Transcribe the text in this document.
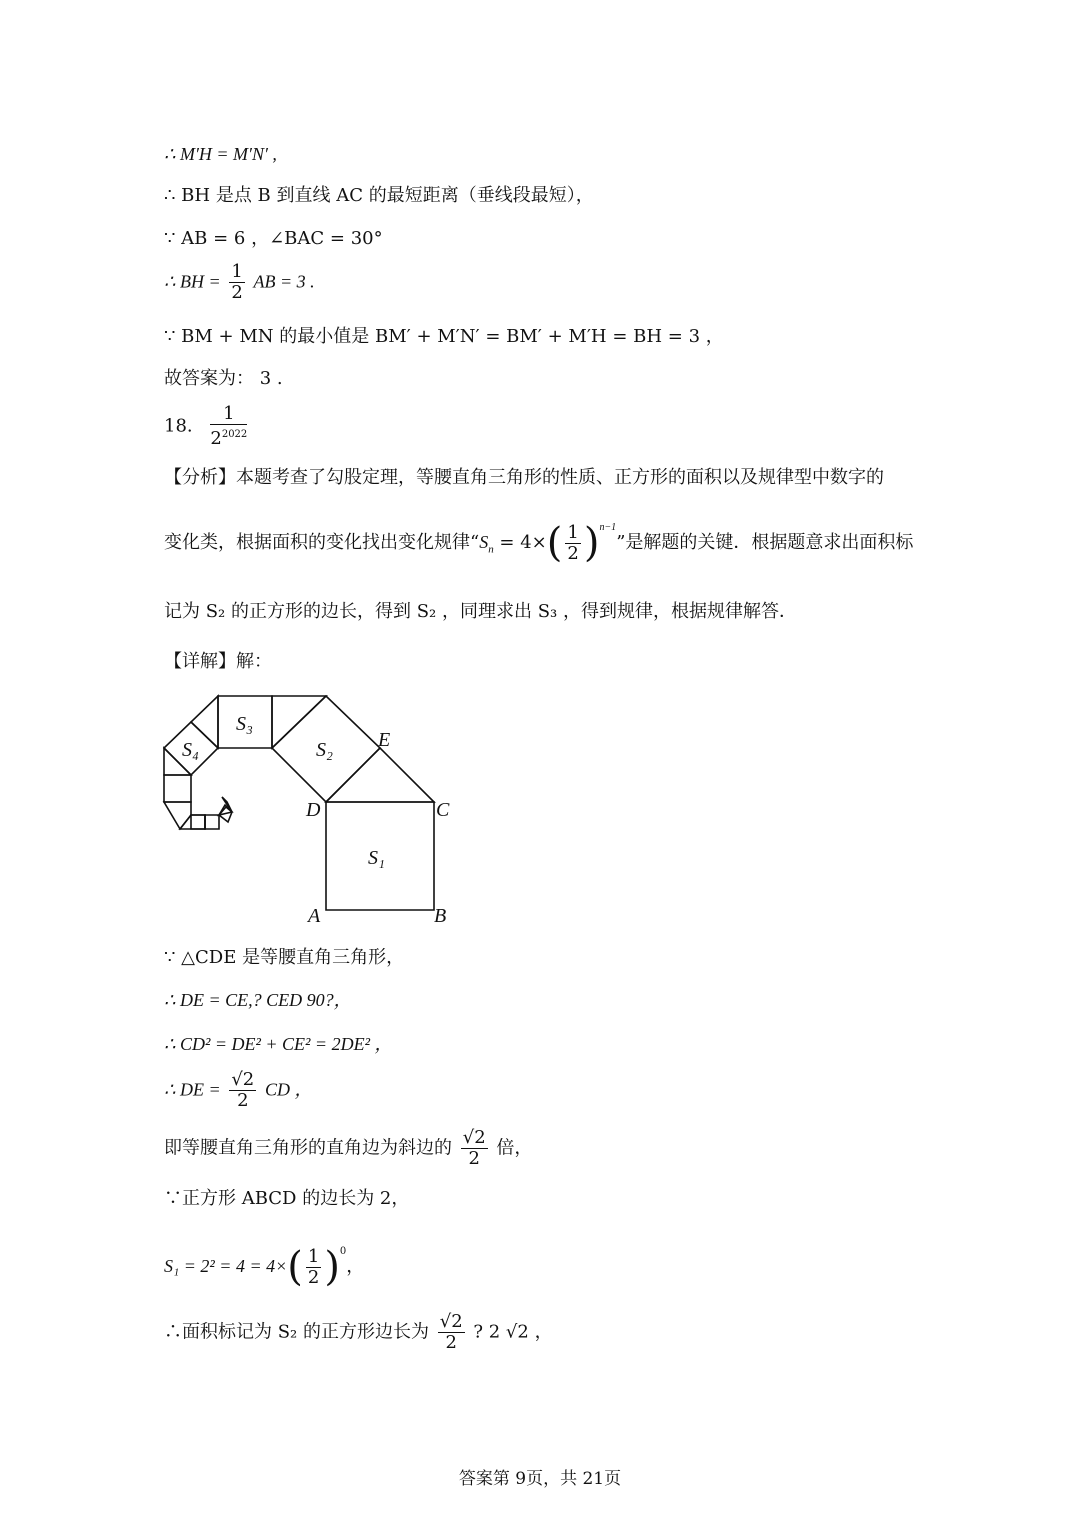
∴ M′H = M′N′ ,
∴ BH 是点 B 到直线 AC 的最短距离（垂线段最短），
∵ AB = 6 ，∠BAC = 30°
∴ BH = $\frac{1}{2}$ AB = 3 .
∵ BM + MN 的最小值是 BM′ + M′N′ = BM′ + M′H = BH = 3 ，
故答案为： 3 .
18. $\frac{1}{2^{2022}}$
【分析】本题考查了勾股定理，等腰直角三角形的性质、正方形的面积以及规律型中数字的
变化类，根据面积的变化找出变化规律“$S_n = 4\times( \frac{1}{2} )^{n-1}$”是解题的关键．根据题意求出面积标
记为 S₂ 的正方形的边长，得到 S₂ ，同理求出 S₃ ，得到规律，根据规律解答．
【详解】解：
S₁
S₂
S₃
S₄
A	B
C
D
E
∵ △CDE 是等腰直角三角形，
∴ DE = CE,? CED 90?，
∴ CD² = DE² + CE² = 2DE² ，
∴ DE = $\frac{√2}{2}$ CD ，
即等腰直角三角形的直角边为斜边的 $\frac{√2}{2}$ 倍，
∵正方形 ABCD 的边长为 2，
$S_1 = 2^2 = 4 = 4\times( \frac{1}{2} )^0$，
∴面积标记为 S₂ 的正方形边长为 $\frac{√2}{2}$ ? 2 √2 ，
答案第 9页，共 21页
